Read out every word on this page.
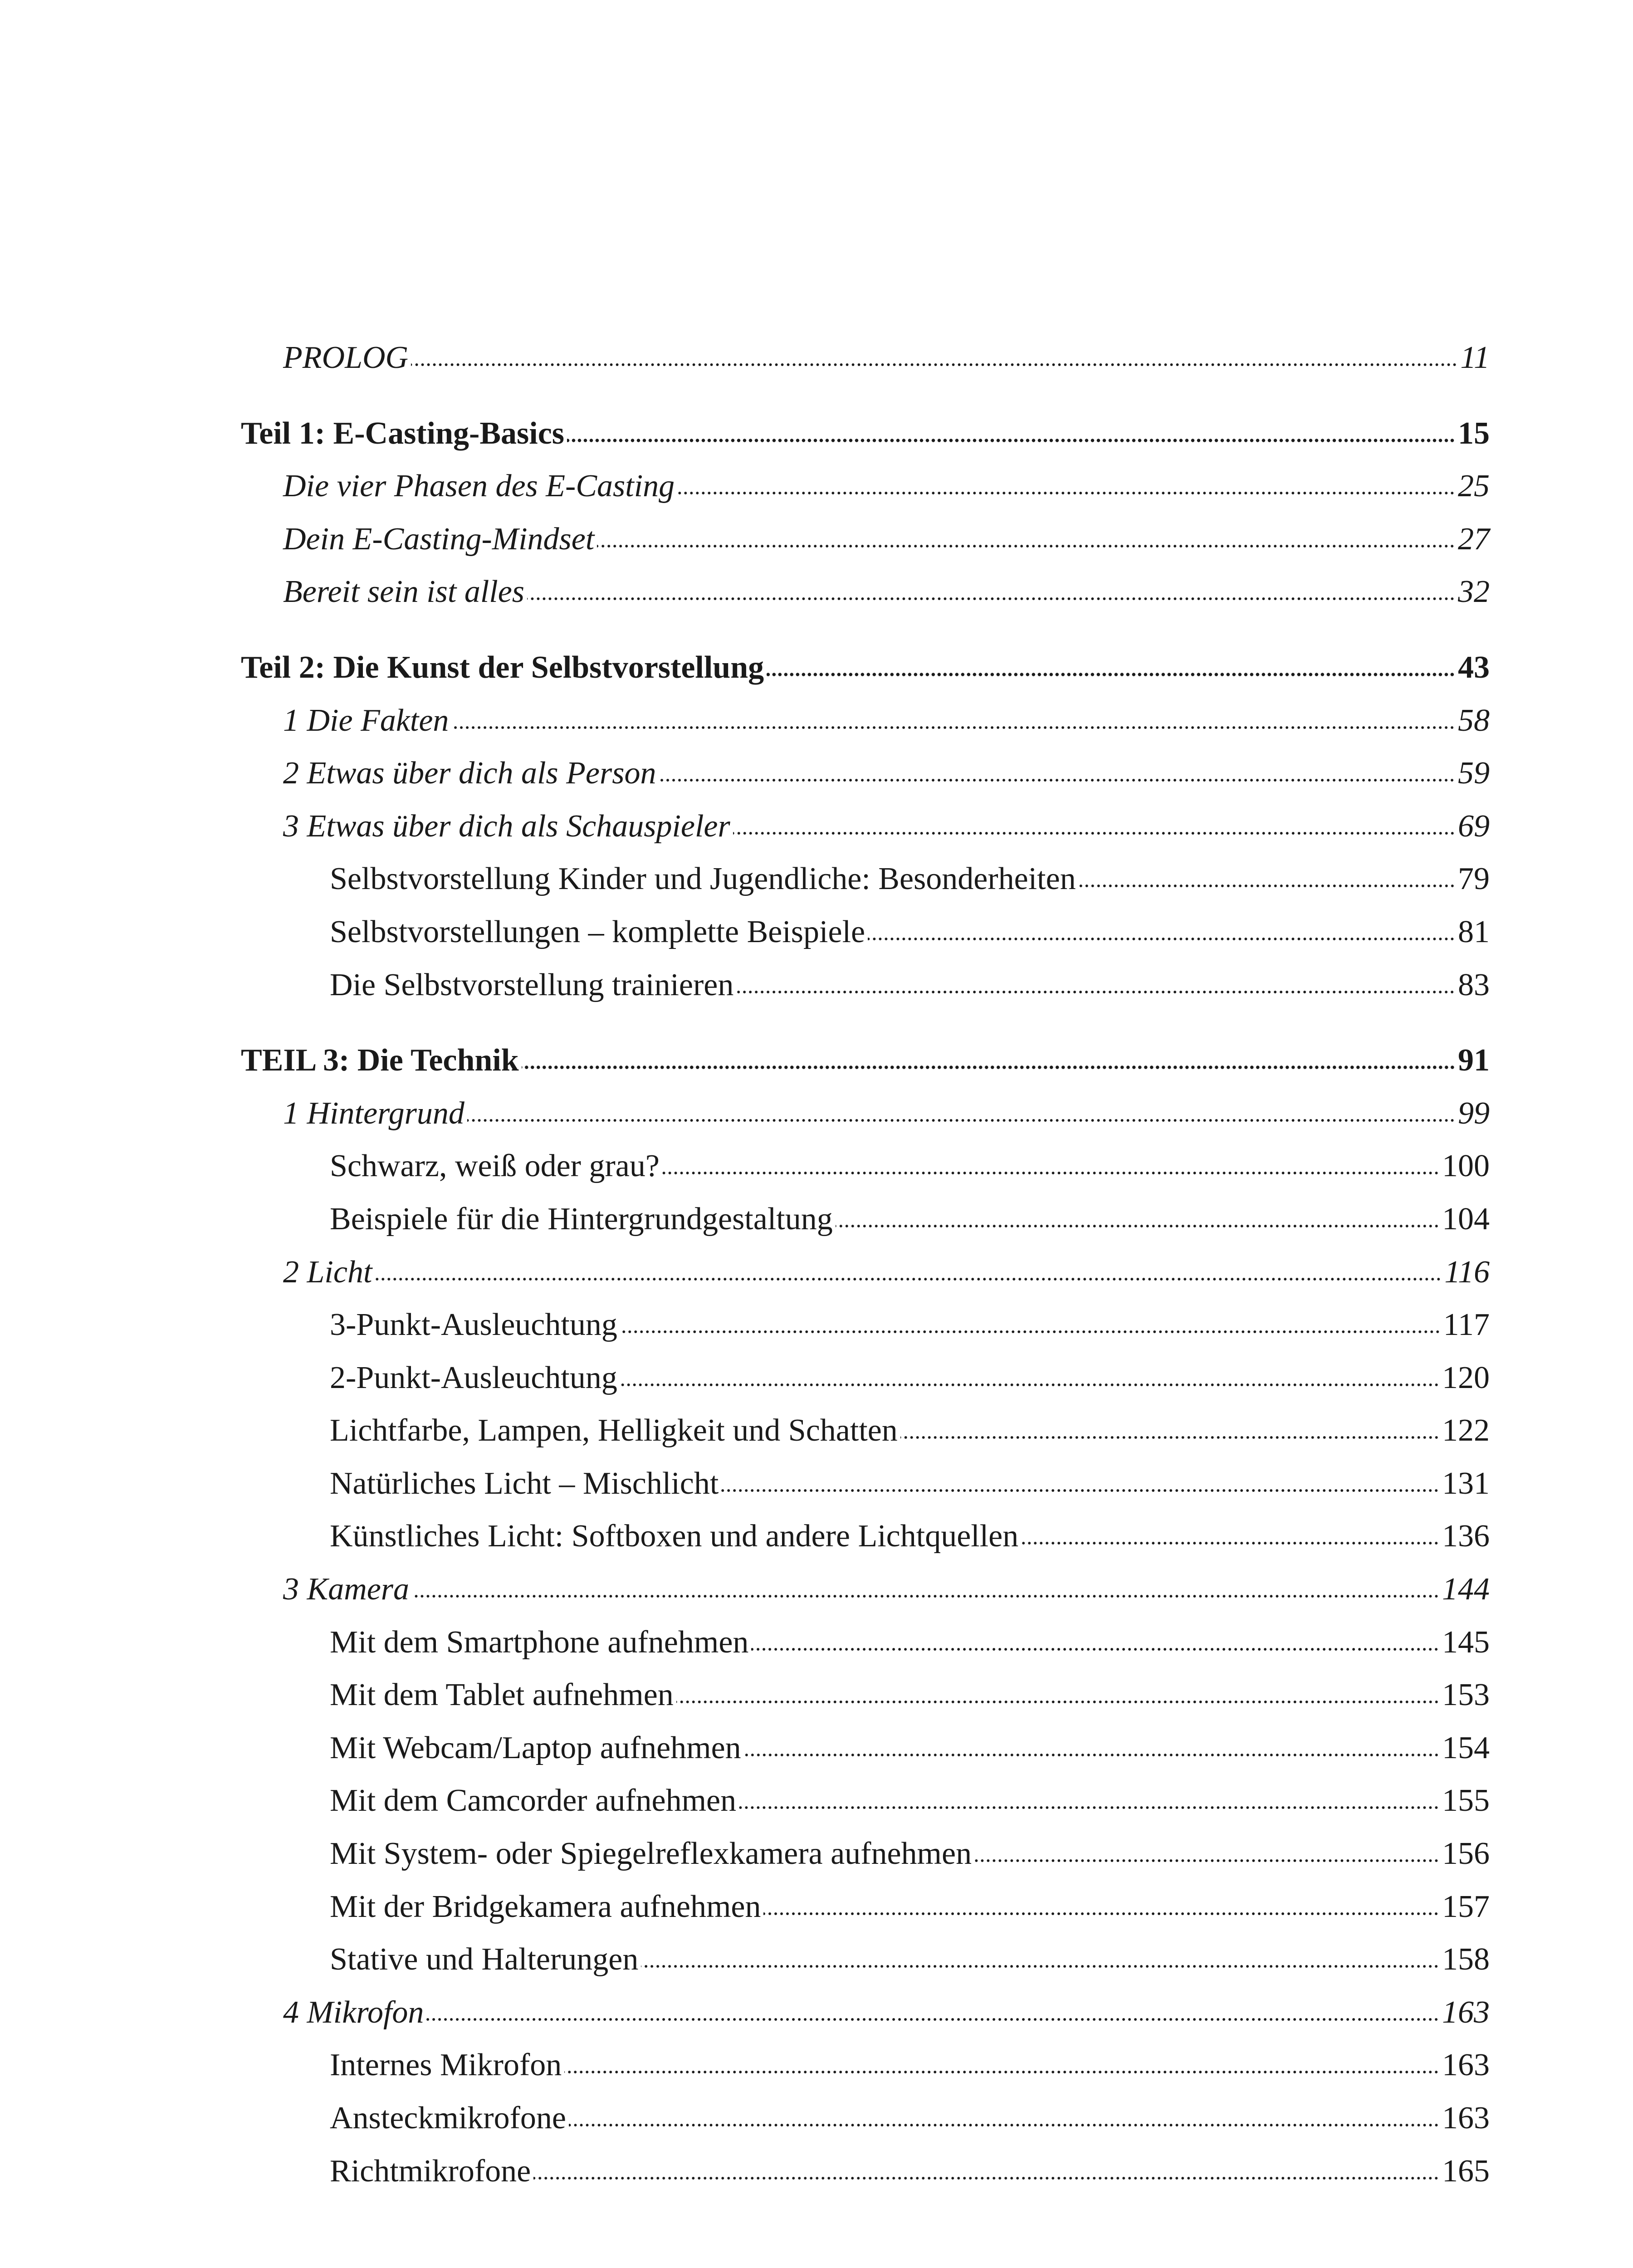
PROLOG	11
Teil 1: E-Casting-Basics	15
Die vier Phasen des E-Casting	25
Dein E-Casting-Mindset	27
Bereit sein ist alles	32
Teil 2: Die Kunst der Selbstvorstellung	43
1 Die Fakten	58
2 Etwas über dich als Person	59
3 Etwas über dich als Schauspieler	69
Selbstvorstellung Kinder und Jugendliche: Besonderheiten	79
Selbstvorstellungen – komplette Beispiele	81
Die Selbstvorstellung trainieren	83
TEIL 3: Die Technik	91
1 Hintergrund	99
Schwarz, weiß oder grau?	100
Beispiele für die Hintergrundgestaltung	104
2 Licht	116
3-Punkt-Ausleuchtung	117
2-Punkt-Ausleuchtung	120
Lichtfarbe, Lampen, Helligkeit und Schatten	122
Natürliches Licht – Mischlicht	131
Künstliches Licht: Softboxen und andere Lichtquellen	136
3 Kamera	144
Mit dem Smartphone aufnehmen	145
Mit dem Tablet aufnehmen	153
Mit Webcam/Laptop aufnehmen	154
Mit dem Camcorder aufnehmen	155
Mit System- oder Spiegelreflexkamera aufnehmen	156
Mit der Bridgekamera aufnehmen	157
Stative und Halterungen	158
4 Mikrofon	163
Internes Mikrofon	163
Ansteckmikrofone	163
Richtmikrofone	165
